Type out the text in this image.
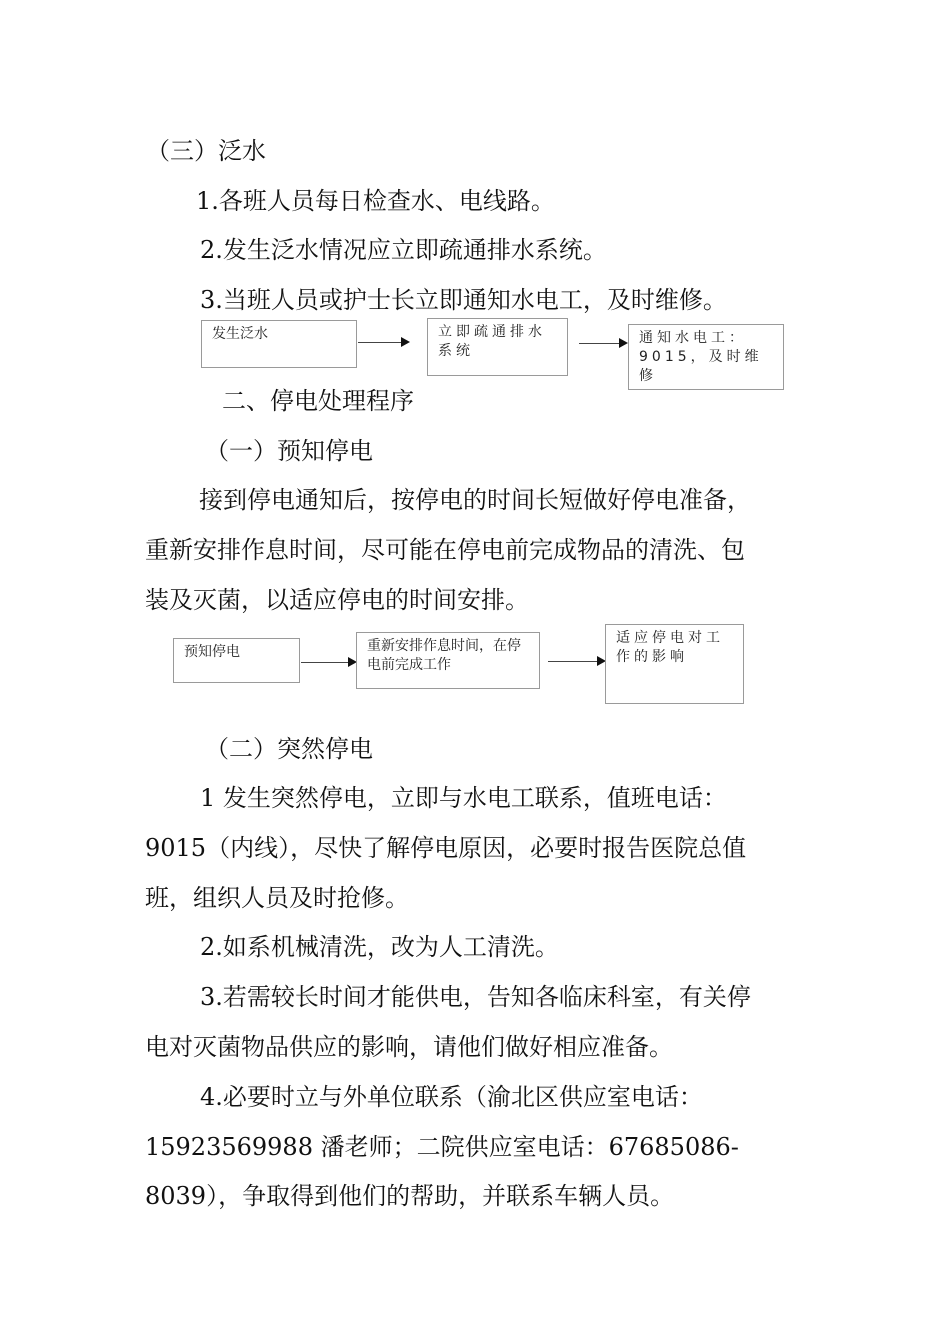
（三）泛水
1.各班人员每日检查水、电线路。
2.发生泛水情况应立即疏通排水系统。
3.当班人员或护士长立即通知水电工，及时维修。
发生泛水	立即疏通排水系统
通知水电工：9015，及时维修
二、停电处理程序
（一）预知停电
接到停电通知后，按停电的时间长短做好停电准备，
重新安排作息时间，尽可能在停电前完成物品的清洗、包
装及灭菌，以适应停电的时间安排。
预知停电	重新安排作息时间，在停电前完成工作
适应停电对工作的影响
（二）突然停电
1 发生突然停电，立即与水电工联系，值班电话：
9015（内线），尽快了解停电原因，必要时报告医院总值
班，组织人员及时抢修。
2.如系机械清洗，改为人工清洗。
3.若需较长时间才能供电，告知各临床科室，有关停
电对灭菌物品供应的影响，请他们做好相应准备。
4.必要时立与外单位联系（渝北区供应室电话：
15923569988 潘老师；二院供应室电话：67685086-
8039），争取得到他们的帮助，并联系车辆人员。
